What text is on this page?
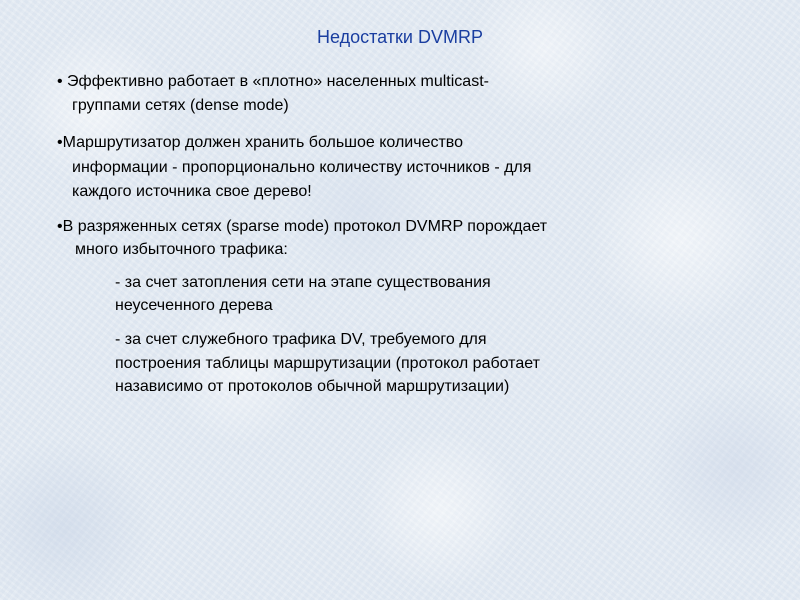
Недостатки DVMRP
• Эффективно работает в «плотно» населенных multicast-
группами сетях (dense mode)
•Маршрутизатор должен хранить большое количество
информации - пропорционально количеству источников - для
каждого источника свое дерево!
•В разряженных сетях (sparse mode) протокол DVMRP порождает
много избыточного трафика:
- за счет затопления сети на этапе существования
неусеченного дерева
- за счет служебного трафика DV, требуемого для
построения таблицы маршрутизации (протокол работает
назависимо от протоколов обычной маршрутизации)
